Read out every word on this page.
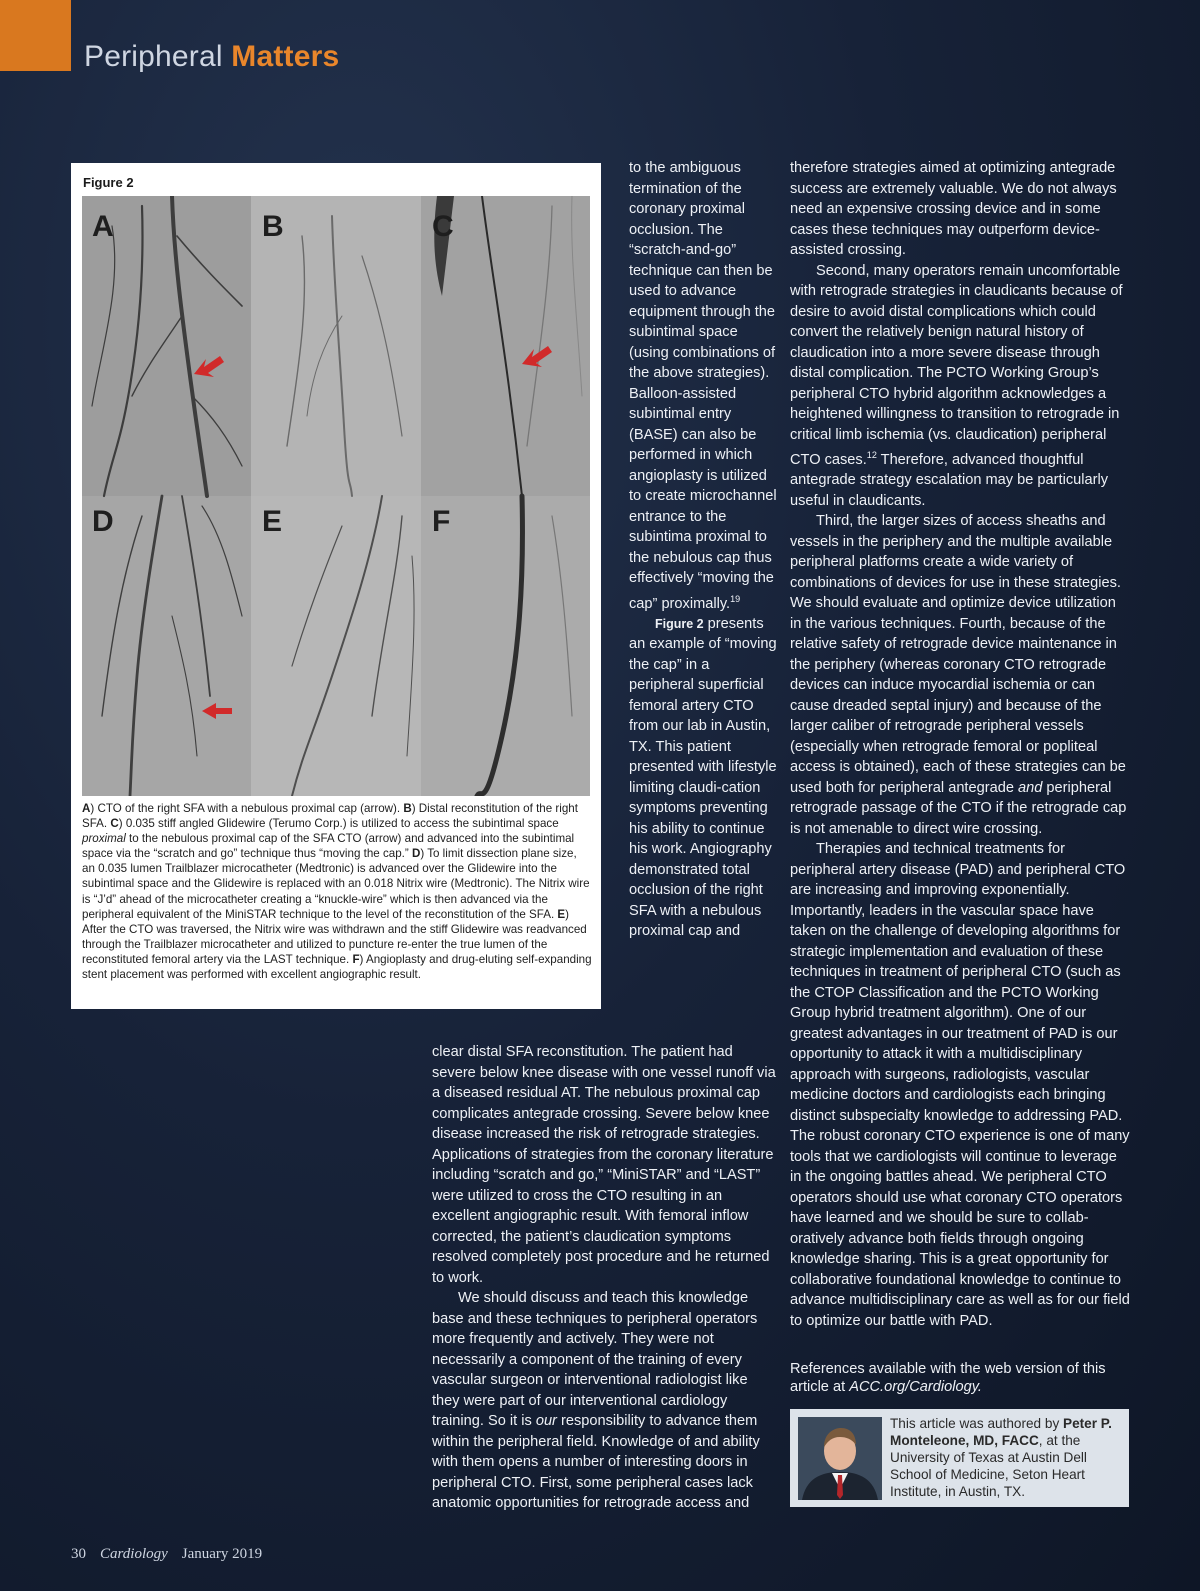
Peripheral Matters
Figure 2
A	B	C
D	E	F
A) CTO of the right SFA with a nebulous proximal cap (arrow). B) Distal reconstitution of the right SFA. C) 0.035 stiff angled Glidewire (Terumo Corp.) is utilized to access the subintimal space proximal to the nebulous proximal cap of the SFA CTO (arrow) and advanced into the subintimal space via the “scratch and go” technique thus “moving the cap.” D) To limit dissection plane size, an 0.035 lumen Trailblazer microcatheter (Medtronic) is advanced over the Glidewire into the subintimal space and the Glidewire is replaced with an 0.018 Nitrix wire (Medtronic). The Nitrix wire is “J’d” ahead of the microcatheter creating a “knuckle-wire” which is then advanced via the peripheral equivalent of the MiniSTAR technique to the level of the reconstitution of the SFA. E) After the CTO was traversed, the Nitrix wire was withdrawn and the stiff Glidewire was readvanced through the Trailblazer microcatheter and utilized to puncture re-enter the true lumen of the reconstituted femoral artery via the LAST technique. F) Angioplasty and drug-eluting self-expanding stent placement was performed with excellent angiographic result.

to the ambiguous termination of the coronary proximal occlusion. The “scratch-and-go” technique can then be used to advance equipment through the subintimal space (using combinations of the above strategies). Balloon-assisted subintimal entry (BASE) can also be performed in which angioplasty is utilized to create microchannel entrance to the subintima proximal to the nebulous cap thus effectively “moving the cap” proximally.$^{19}$

Figure 2 presents an example of “moving the cap” in a peripheral superficial femoral artery CTO from our lab in Austin, TX. This patient presented with lifestyle limiting claudi-cation symptoms preventing his ability to continue his work. Angiography demonstrated total occlusion of the right SFA with a nebulous proximal cap and

clear distal SFA reconstitution. The patient had severe below knee disease with one vessel runoff via a diseased residual AT. The nebulous proximal cap complicates antegrade crossing. Severe below knee disease increased the risk of retrograde strategies. Applications of strategies from the coronary literature including “scratch and go,” “MiniSTAR” and “LAST” were utilized to cross the CTO resulting in an excellent angiographic result. With femoral inflow corrected, the patient’s claudication symptoms resolved completely post procedure and he returned to work.

We should discuss and teach this knowledge base and these techniques to peripheral operators more frequently and actively. They were not necessarily a component of the training of every vascular surgeon or interventional radiologist like they were part of our interventional cardiology training. So it is our responsibility to advance them within the peripheral field. Knowledge of and ability with them opens a number of interesting doors in peripheral CTO. First, some peripheral cases lack anatomic opportunities for retrograde access and

therefore strategies aimed at optimizing antegrade success are extremely valuable. We do not always need an expensive crossing device and in some cases these techniques may outperform device-assisted crossing.

Second, many operators remain uncomfortable with retrograde strategies in claudicants because of desire to avoid distal complications which could convert the relatively benign natural history of claudication into a more severe disease through distal complication. The PCTO Working Group’s peripheral CTO hybrid algorithm acknowledges a heightened willingness to transition to retrograde in critical limb ischemia (vs. claudication) peripheral CTO cases.$^{12}$ Therefore, advanced thoughtful antegrade strategy escalation may be particularly useful in claudicants.

Third, the larger sizes of access sheaths and vessels in the periphery and the multiple available peripheral platforms create a wide variety of combinations of devices for use in these strategies. We should evaluate and optimize device utilization in the various techniques. Fourth, because of the relative safety of retrograde device maintenance in the periphery (whereas coronary CTO retrograde devices can induce myocardial ischemia or can cause dreaded septal injury) and because of the larger caliber of retrograde peripheral vessels (especially when retrograde femoral or popliteal access is obtained), each of these strategies can be used both for peripheral antegrade and peripheral retrograde passage of the CTO if the retrograde cap is not amenable to direct wire crossing.

Therapies and technical treatments for peripheral artery disease (PAD) and peripheral CTO are increasing and improving exponentially. Importantly, leaders in the vascular space have taken on the challenge of developing algorithms for strategic implementation and evaluation of these techniques in treatment of peripheral CTO (such as the CTOP Classification and the PCTO Working Group hybrid treatment algorithm). One of our greatest advantages in our treatment of PAD is our opportunity to attack it with a multidisciplinary approach with surgeons, radiologists, vascular medicine doctors and cardiologists each bringing distinct subspecialty knowledge to addressing PAD. The robust coronary CTO experience is one of many tools that we cardiologists will continue to leverage in the ongoing battles ahead. We peripheral CTO operators should use what coronary CTO operators have learned and we should be sure to collab-oratively advance both fields through ongoing knowledge sharing. This is a great opportunity for collaborative foundational knowledge to continue to advance multidisciplinary care as well as for our field to optimize our battle with PAD.

References available with the web version of this article at ACC.org/Cardiology.
This article was authored by Peter P. Monteleone, MD, FACC, at the University of Texas at Austin Dell School of Medicine, Seton Heart Institute, in Austin, TX.
30 Cardiology January 2019
